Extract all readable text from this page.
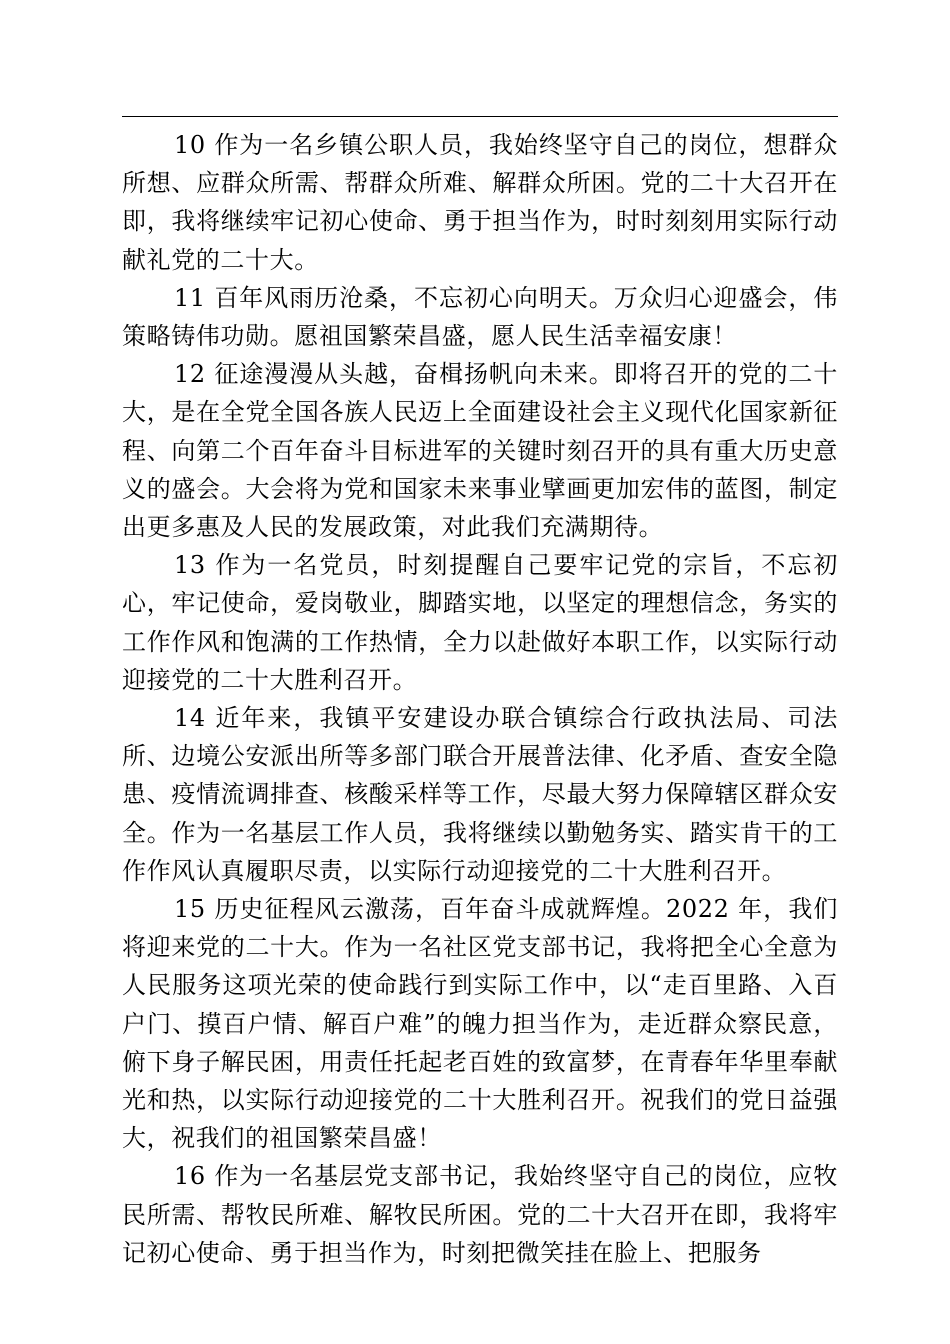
10 作为一名乡镇公职人员，我始终坚守自己的岗位，想群众所想、应群众所需、帮群众所难、解群众所困。党的二十大召开在即，我将继续牢记初心使命、勇于担当作为，时时刻刻用实际行动献礼党的二十大。

11 百年风雨历沧桑，不忘初心向明天。万众归心迎盛会，伟策略铸伟功勋。愿祖国繁荣昌盛，愿人民生活幸福安康！

12 征途漫漫从头越，奋楫扬帆向未来。即将召开的党的二十大，是在全党全国各族人民迈上全面建设社会主义现代化国家新征程、向第二个百年奋斗目标进军的关键时刻召开的具有重大历史意义的盛会。大会将为党和国家未来事业擘画更加宏伟的蓝图，制定出更多惠及人民的发展政策，对此我们充满期待。

13 作为一名党员，时刻提醒自己要牢记党的宗旨，不忘初心，牢记使命，爱岗敬业，脚踏实地，以坚定的理想信念，务实的工作作风和饱满的工作热情，全力以赴做好本职工作，以实际行动迎接党的二十大胜利召开。

14 近年来，我镇平安建设办联合镇综合行政执法局、司法所、边境公安派出所等多部门联合开展普法律、化矛盾、查安全隐患、疫情流调排查、核酸采样等工作，尽最大努力保障辖区群众安全。作为一名基层工作人员，我将继续以勤勉务实、踏实肯干的工作作风认真履职尽责，以实际行动迎接党的二十大胜利召开。

15 历史征程风云激荡，百年奋斗成就辉煌。2022 年，我们将迎来党的二十大。作为一名社区党支部书记，我将把全心全意为人民服务这项光荣的使命践行到实际工作中，以“走百里路、入百户门、摸百户情、解百户难”的魄力担当作为，走近群众察民意，俯下身子解民困，用责任托起老百姓的致富梦，在青春年华里奉献光和热，以实际行动迎接党的二十大胜利召开。祝我们的党日益强大，祝我们的祖国繁荣昌盛！

16 作为一名基层党支部书记，我始终坚守自己的岗位，应牧民所需、帮牧民所难、解牧民所困。党的二十大召开在即，我将牢记初心使命、勇于担当作为，时刻把微笑挂在脸上、把服务
